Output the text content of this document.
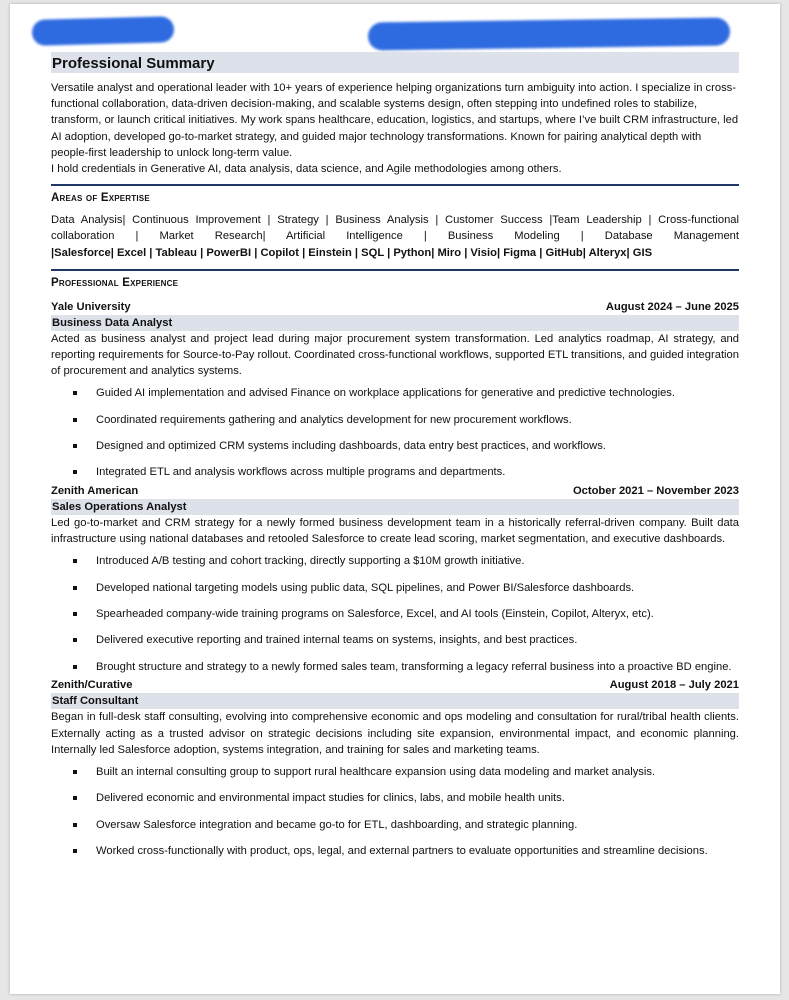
Professional Summary

Versatile analyst and operational leader with 10+ years of experience helping organizations turn ambiguity into action. I specialize in cross-functional collaboration, data-driven decision-making, and scalable systems design, often stepping into undefined roles to stabilize, transform, or launch critical initiatives. My work spans healthcare, education, logistics, and startups, where I’ve built CRM infrastructure, led AI adoption, developed go-to-market strategy, and guided major technology transformations. Known for pairing analytical depth with people-first leadership to unlock long-term value.

I hold credentials in Generative AI, data analysis, data science, and Agile methodologies among others.

Areas of Expertise

Data Analysis| Continuous Improvement | Strategy | Business Analysis | Customer Success |Team Leadership | Cross-functional collaboration | Market Research| Artificial Intelligence | Business Modeling | Database Management

|Salesforce| Excel | Tableau | PowerBI | Copilot | Einstein | SQL | Python| Miro | Visio| Figma | GitHub| Alteryx| GIS
Professional Experience
Yale University	August 2024 – June 2025
Business Data Analyst

Acted as business analyst and project lead during major procurement system transformation. Led analytics roadmap, AI strategy, and reporting requirements for Source-to-Pay rollout. Coordinated cross-functional workflows, supported ETL transitions, and guided integration of procurement and analytics systems.

Guided AI implementation and advised Finance on workplace applications for generative and predictive technologies.
Coordinated requirements gathering and analytics development for new procurement workflows.
Designed and optimized CRM systems including dashboards, data entry best practices, and workflows.
Integrated ETL and analysis workflows across multiple programs and departments.
Zenith American	October 2021 – November 2023
Sales Operations Analyst

Led go-to-market and CRM strategy for a newly formed business development team in a historically referral-driven company. Built data infrastructure using national databases and retooled Salesforce to create lead scoring, market segmentation, and executive dashboards.

Introduced A/B testing and cohort tracking, directly supporting a $10M growth initiative.
Developed national targeting models using public data, SQL pipelines, and Power BI/Salesforce dashboards.
Spearheaded company-wide training programs on Salesforce, Excel, and AI tools (Einstein, Copilot, Alteryx, etc).
Delivered executive reporting and trained internal teams on systems, insights, and best practices.
Brought structure and strategy to a newly formed sales team, transforming a legacy referral business into a proactive BD engine.
Zenith/Curative	August 2018 – July 2021
Staff Consultant

Began in full-desk staff consulting, evolving into comprehensive economic and ops modeling and consultation for rural/tribal health clients. Externally acting as a trusted advisor on strategic decisions including site expansion, environmental impact, and economic planning. Internally led Salesforce adoption, systems integration, and training for sales and marketing teams.

Built an internal consulting group to support rural healthcare expansion using data modeling and market analysis.
Delivered economic and environmental impact studies for clinics, labs, and mobile health units.
Oversaw Salesforce integration and became go-to for ETL, dashboarding, and strategic planning.
Worked cross-functionally with product, ops, legal, and external partners to evaluate opportunities and streamline decisions.
